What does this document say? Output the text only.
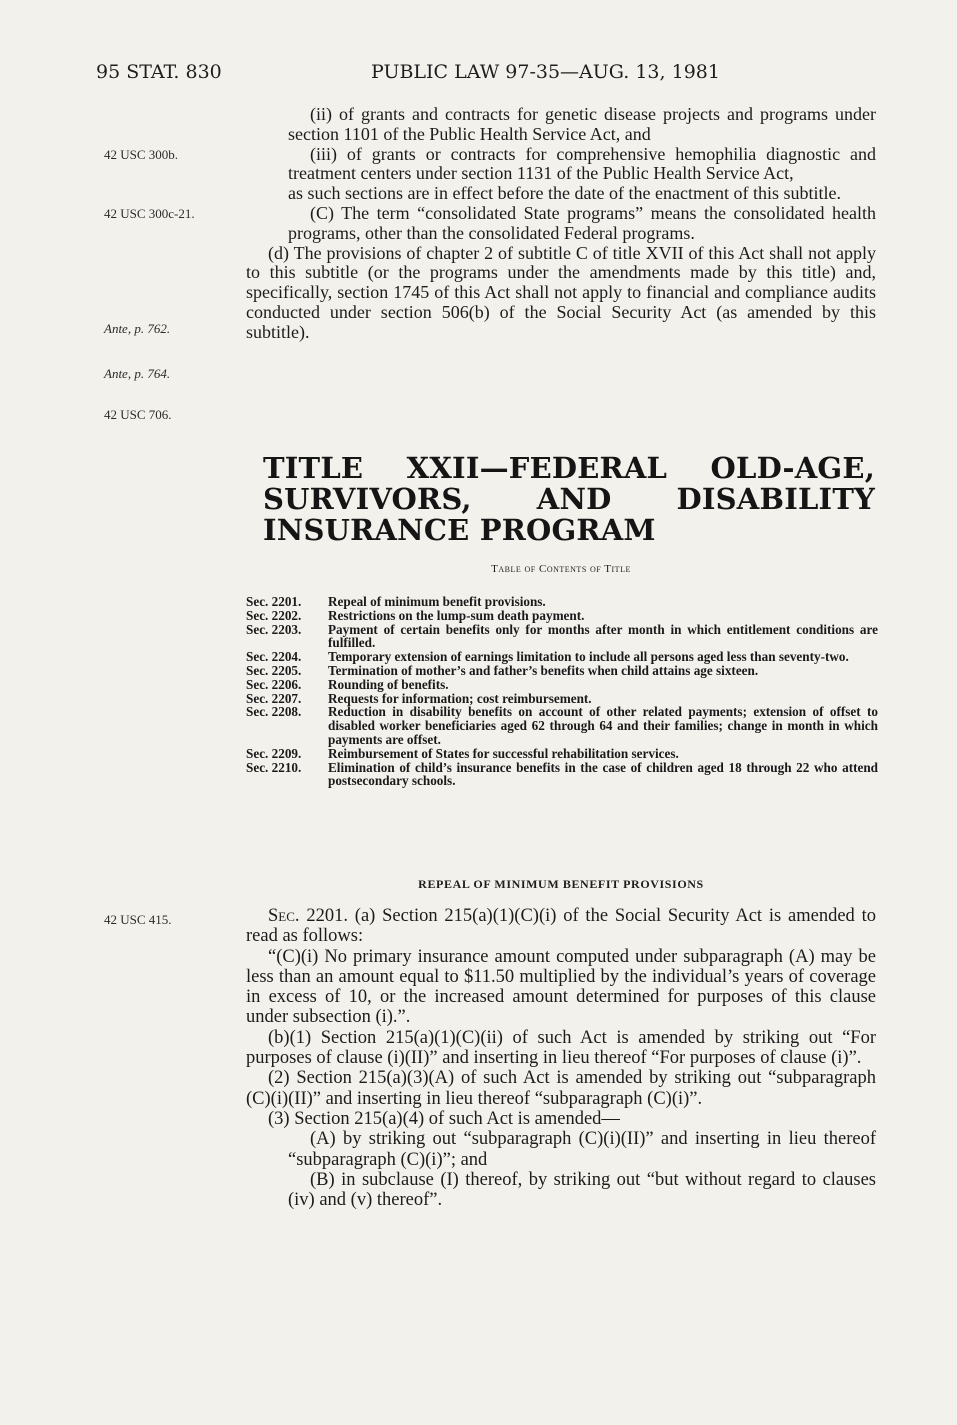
95 STAT. 830	PUBLIC LAW 97-35—AUG. 13, 1981
42 USC 300b.
42 USC 300c-21.
Ante, p. 762.
Ante, p. 764.
42 USC 706.
42 USC 415.

(ii) of grants and contracts for genetic disease projects and programs under section 1101 of the Public Health Service Act, and

(iii) of grants or contracts for comprehensive hemophilia diagnostic and treatment centers under section 1131 of the Public Health Service Act,

as such sections are in effect before the date of the enactment of this subtitle.

(C) The term “consolidated State programs” means the consolidated health programs, other than the consolidated Federal programs.

(d) The provisions of chapter 2 of subtitle C of title XVII of this Act shall not apply to this subtitle (or the programs under the amendments made by this title) and, specifically, section 1745 of this Act shall not apply to financial and compliance audits conducted under section 506(b) of the Social Security Act (as amended by this subtitle).

TITLE XXII—FEDERAL OLD-AGE, SURVIVORS, AND DISABILITY INSURANCE PROGRAM
Table of Contents of Title
Sec. 2201.	Repeal of minimum benefit provisions.
Sec. 2202.	Restrictions on the lump-sum death payment.
Sec. 2203.	Payment of certain benefits only for months after month in which entitlement conditions are fulfilled.
Sec. 2204.	Temporary extension of earnings limitation to include all persons aged less than seventy-two.
Sec. 2205.	Termination of mother’s and father’s benefits when child attains age sixteen.
Sec. 2206.	Rounding of benefits.
Sec. 2207.	Requests for information; cost reimbursement.
Sec. 2208.	Reduction in disability benefits on account of other related payments; extension of offset to disabled worker beneficiaries aged 62 through 64 and their families; change in month in which payments are offset.
Sec. 2209.	Reimbursement of States for successful rehabilitation services.
Sec. 2210.	Elimination of child’s insurance benefits in the case of children aged 18 through 22 who attend postsecondary schools.
REPEAL OF MINIMUM BENEFIT PROVISIONS

Sec. 2201. (a) Section 215(a)(1)(C)(i) of the Social Security Act is amended to read as follows:

“(C)(i) No primary insurance amount computed under subparagraph (A) may be less than an amount equal to $11.50 multiplied by the individual’s years of coverage in excess of 10, or the increased amount determined for purposes of this clause under subsection (i).”.

(b)(1) Section 215(a)(1)(C)(ii) of such Act is amended by striking out “For purposes of clause (i)(II)” and inserting in lieu thereof “For purposes of clause (i)”.

(2) Section 215(a)(3)(A) of such Act is amended by striking out “subparagraph (C)(i)(II)” and inserting in lieu thereof “subparagraph (C)(i)”.

(3) Section 215(a)(4) of such Act is amended—

(A) by striking out “subparagraph (C)(i)(II)” and inserting in lieu thereof “subparagraph (C)(i)”; and

(B) in subclause (I) thereof, by striking out “but without regard to clauses (iv) and (v) thereof”.
